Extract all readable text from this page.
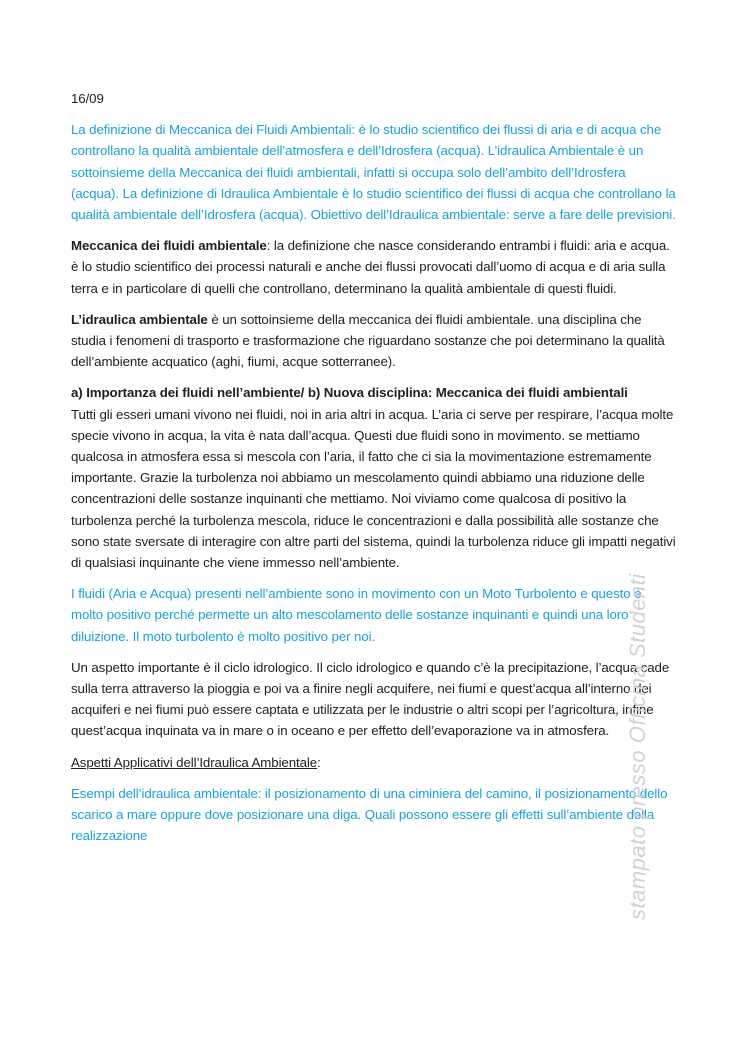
16/09

La definizione di Meccanica dei Fluidi Ambientali: è lo studio scientifico dei flussi di aria e di acqua che controllano la qualità ambientale dell’atmosfera e dell’Idrosfera (acqua). L’idraulica Ambientale è un sottoinsieme della Meccanica dei fluidi ambientali, infatti si occupa solo dell’ambito dell’Idrosfera (acqua). La definizione di Idraulica Ambientale è lo studio scientifico dei flussi di acqua che controllano la qualità ambientale dell’Idrosfera (acqua). Obiettivo dell’Idraulica ambientale: serve a fare delle previsioni.

Meccanica dei fluidi ambientale: la definizione che nasce considerando entrambi i fluidi: aria e acqua. è lo studio scientifico dei processi naturali e anche dei flussi provocati dall’uomo di acqua e di aria sulla terra e in particolare di quelli che controllano, determinano la qualità ambientale di questi fluidi.

L’idraulica ambientale è un sottoinsieme della meccanica dei fluidi ambientale. una disciplina che studia i fenomeni di trasporto e trasformazione che riguardano sostanze che poi determinano la qualità dell’ambiente acquatico (aghi, fiumi, acque sotterranee).

a) Importanza dei fluidi nell’ambiente/ b) Nuova disciplina: Meccanica dei fluidi ambientali

Tutti gli esseri umani vivono nei fluidi, noi in aria altri in acqua. L’aria ci serve per respirare, l’acqua molte specie vivono in acqua, la vita è nata dall’acqua. Questi due fluidi sono in movimento. se mettiamo qualcosa in atmosfera essa si mescola con l’aria, il fatto che ci sia la movimentazione estremamente importante. Grazie la turbolenza noi abbiamo un mescolamento quindi abbiamo una riduzione delle concentrazioni delle sostanze inquinanti che mettiamo. Noi viviamo come qualcosa di positivo la turbolenza perché la turbolenza mescola, riduce le concentrazioni e dalla possibilità alle sostanze che sono state sversate di interagire con altre parti del sistema, quindi la turbolenza riduce gli impatti negativi di qualsiasi inquinante che viene immesso nell’ambiente.

I fluidi (Aria e Acqua) presenti nell’ambiente sono in movimento con un Moto Turbolento e questo è molto positivo perché permette un alto mescolamento delle sostanze inquinanti e quindi una loro diluizione. Il moto turbolento è molto positivo per noi.

Un aspetto importante è il ciclo idrologico. Il ciclo idrologico e quando c’è la precipitazione, l’acqua cade sulla terra attraverso la pioggia e poi va a finire negli acquifere, nei fiumi e quest’acqua all’interno dei acquiferi e nei fiumi può essere captata e utilizzata per le industrie o altri scopi per l’agricoltura, infine quest’acqua inquinata va in mare o in oceano e per effetto dell’evaporazione va in atmosfera.

Aspetti Applicativi dell’Idraulica Ambientale:

Esempi dell’idraulica ambientale: il posizionamento di una ciminiera del camino, il posizionamento dello scarico a mare oppure dove posizionare una diga. Quali possono essere gli effetti sull’ambiente della realizzazione	stampato presso Officina Studenti
